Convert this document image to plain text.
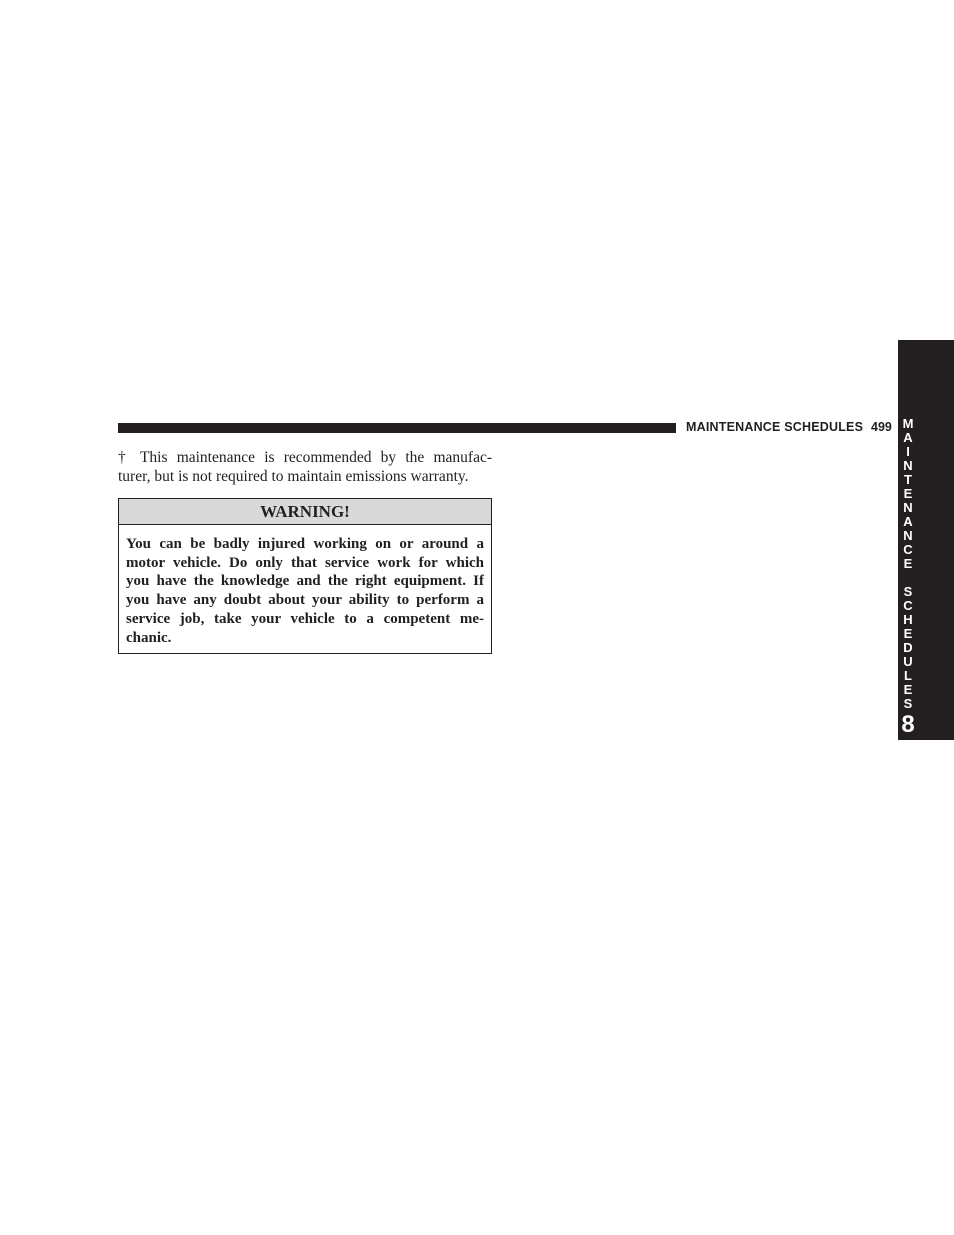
MAINTENANCE SCHEDULES 499 M
A
I
N
T
E
N
A
N
C
E
S
C
H
E
D
U
L
E
S
8

† This maintenance is recommended by the manufac-
turer, but is not required to maintain emissions warranty.

WARNING!
You can be badly injured working on or around a
motor vehicle. Do only that service work for which
you have the knowledge and the right equipment. If
you have any doubt about your ability to perform a
service job, take your vehicle to a competent me-
chanic.
